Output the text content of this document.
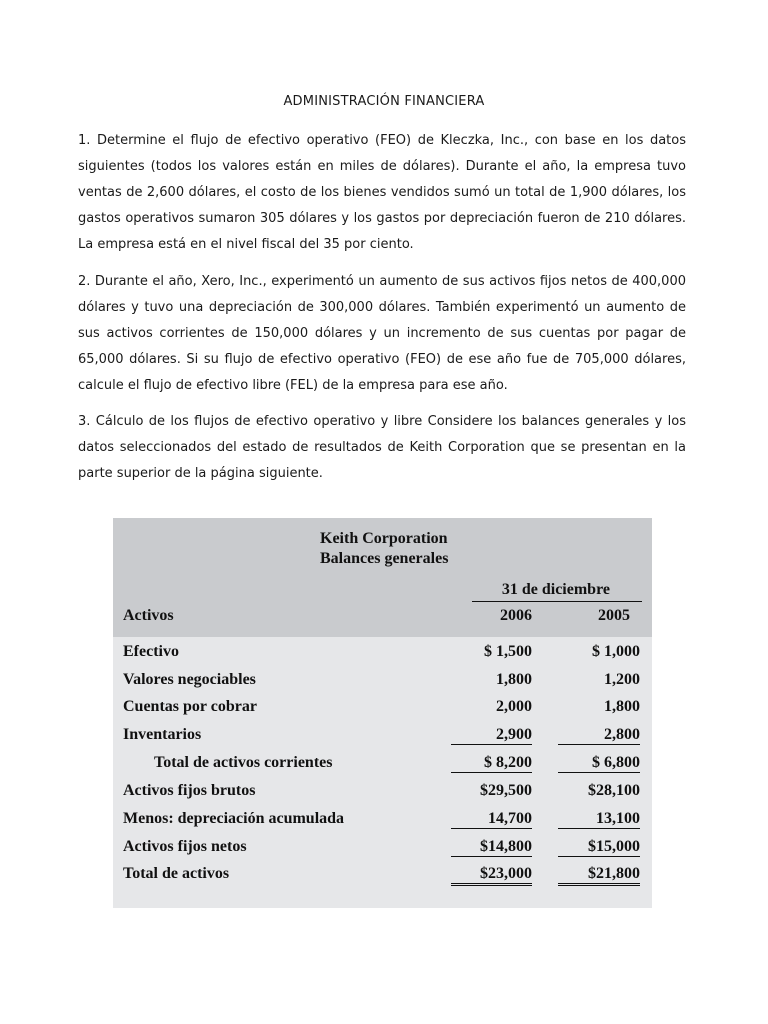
ADMINISTRACIÓN FINANCIERA

1. Determine el flujo de efectivo operativo (FEO) de Kleczka, Inc., con base en los datos siguientes (todos los valores están en miles de dólares). Durante el año, la empresa tuvo ventas de 2,600 dólares, el costo de los bienes vendidos sumó un total de 1,900 dólares, los gastos operativos sumaron 305 dólares y los gastos por depreciación fueron de 210 dólares. La empresa está en el nivel fiscal del 35 por ciento.

2. Durante el año, Xero, Inc., experimentó un aumento de sus activos fijos netos de 400,000 dólares y tuvo una depreciación de 300,000 dólares. También experimentó un aumento de sus activos corrientes de 150,000 dólares y un incremento de sus cuentas por pagar de 65,000 dólares. Si su flujo de efectivo operativo (FEO) de ese año fue de 705,000 dólares, calcule el flujo de efectivo libre (FEL) de la empresa para ese año.

3. Cálculo de los flujos de efectivo operativo y libre Considere los balances generales y los datos seleccionados del estado de resultados de Keith Corporation que se presentan en la parte superior de la página siguiente.

Keith Corporation
Balances generales
31 de diciembre
Activos	2006	2005
Efectivo	$ 1,500	$ 1,000
Valores negociables	1,800	1,200
Cuentas por cobrar	2,000	1,800
Inventarios	2,900	2,800
Total de activos corrientes	$ 8,200	$ 6,800
Activos fijos brutos	$29,500	$28,100
Menos: depreciación acumulada	14,700	13,100
Activos fijos netos	$14,800	$15,000
Total de activos	$23,000	$21,800
